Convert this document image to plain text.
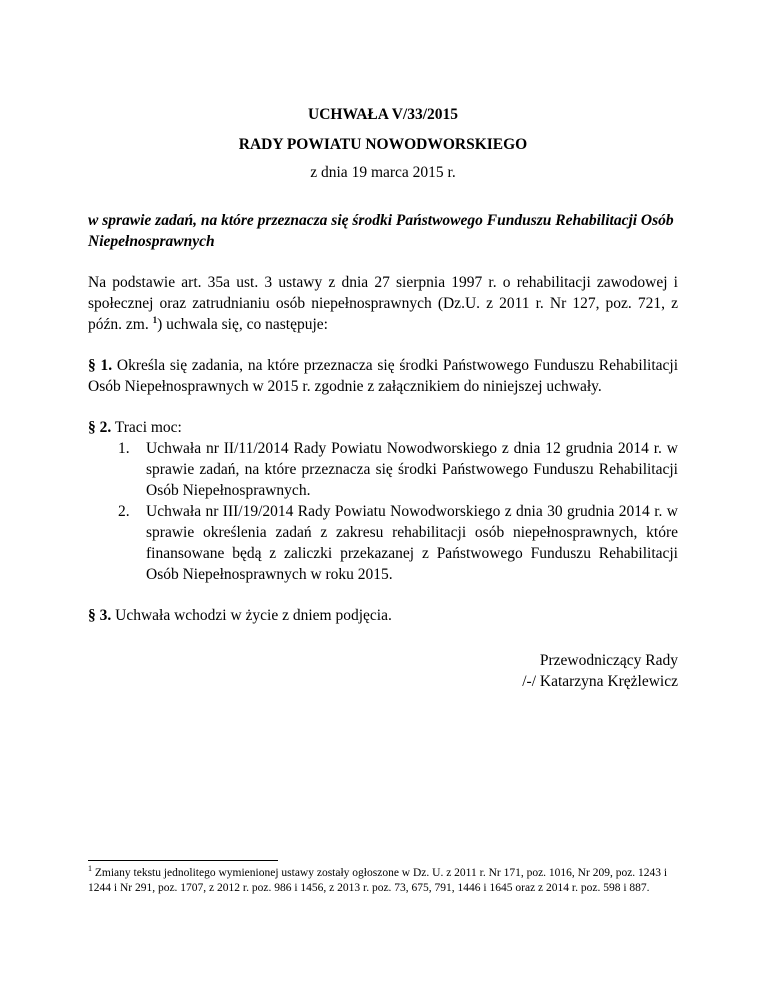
UCHWAŁA V/33/2015

RADY POWIATU NOWODWORSKIEGO

z dnia 19 marca 2015 r.

w sprawie zadań, na które przeznacza się środki Państwowego Funduszu Rehabilitacji Osób Niepełnosprawnych

Na podstawie art. 35a ust. 3 ustawy z dnia 27 sierpnia 1997 r. o rehabilitacji zawodowej i społecznej oraz zatrudnianiu osób niepełnosprawnych (Dz.U. z 2011 r. Nr 127, poz. 721, z późn. zm. $^1$) uchwala się, co następuje:

§ 1. Określa się zadania, na które przeznacza się środki Państwowego Funduszu Rehabilitacji Osób Niepełnosprawnych w 2015 r. zgodnie z załącznikiem do niniejszej uchwały.

§ 2. Traci moc:

1. Uchwała nr II/11/2014 Rady Powiatu Nowodworskiego z dnia 12 grudnia 2014 r. w sprawie zadań, na które przeznacza się środki Państwowego Funduszu Rehabilitacji Osób Niepełnosprawnych.
2. Uchwała nr III/19/2014 Rady Powiatu Nowodworskiego z dnia 30 grudnia 2014 r. w sprawie określenia zadań z zakresu rehabilitacji osób niepełnosprawnych, które finansowane będą z zaliczki przekazanej z Państwowego Funduszu Rehabilitacji Osób Niepełnosprawnych w roku 2015.

§ 3. Uchwała wchodzi w życie z dniem podjęcia.

Przewodniczący Rady

/-/ Katarzyna Krężlewicz

$^1$ Zmiany tekstu jednolitego wymienionej ustawy zostały ogłoszone w Dz. U. z 2011 r. Nr 171, poz. 1016, Nr 209, poz. 1243 i 1244 i Nr 291, poz. 1707, z 2012 r. poz. 986 i 1456, z 2013 r. poz. 73, 675, 791, 1446 i 1645 oraz z 2014 r. poz. 598 i 887.
